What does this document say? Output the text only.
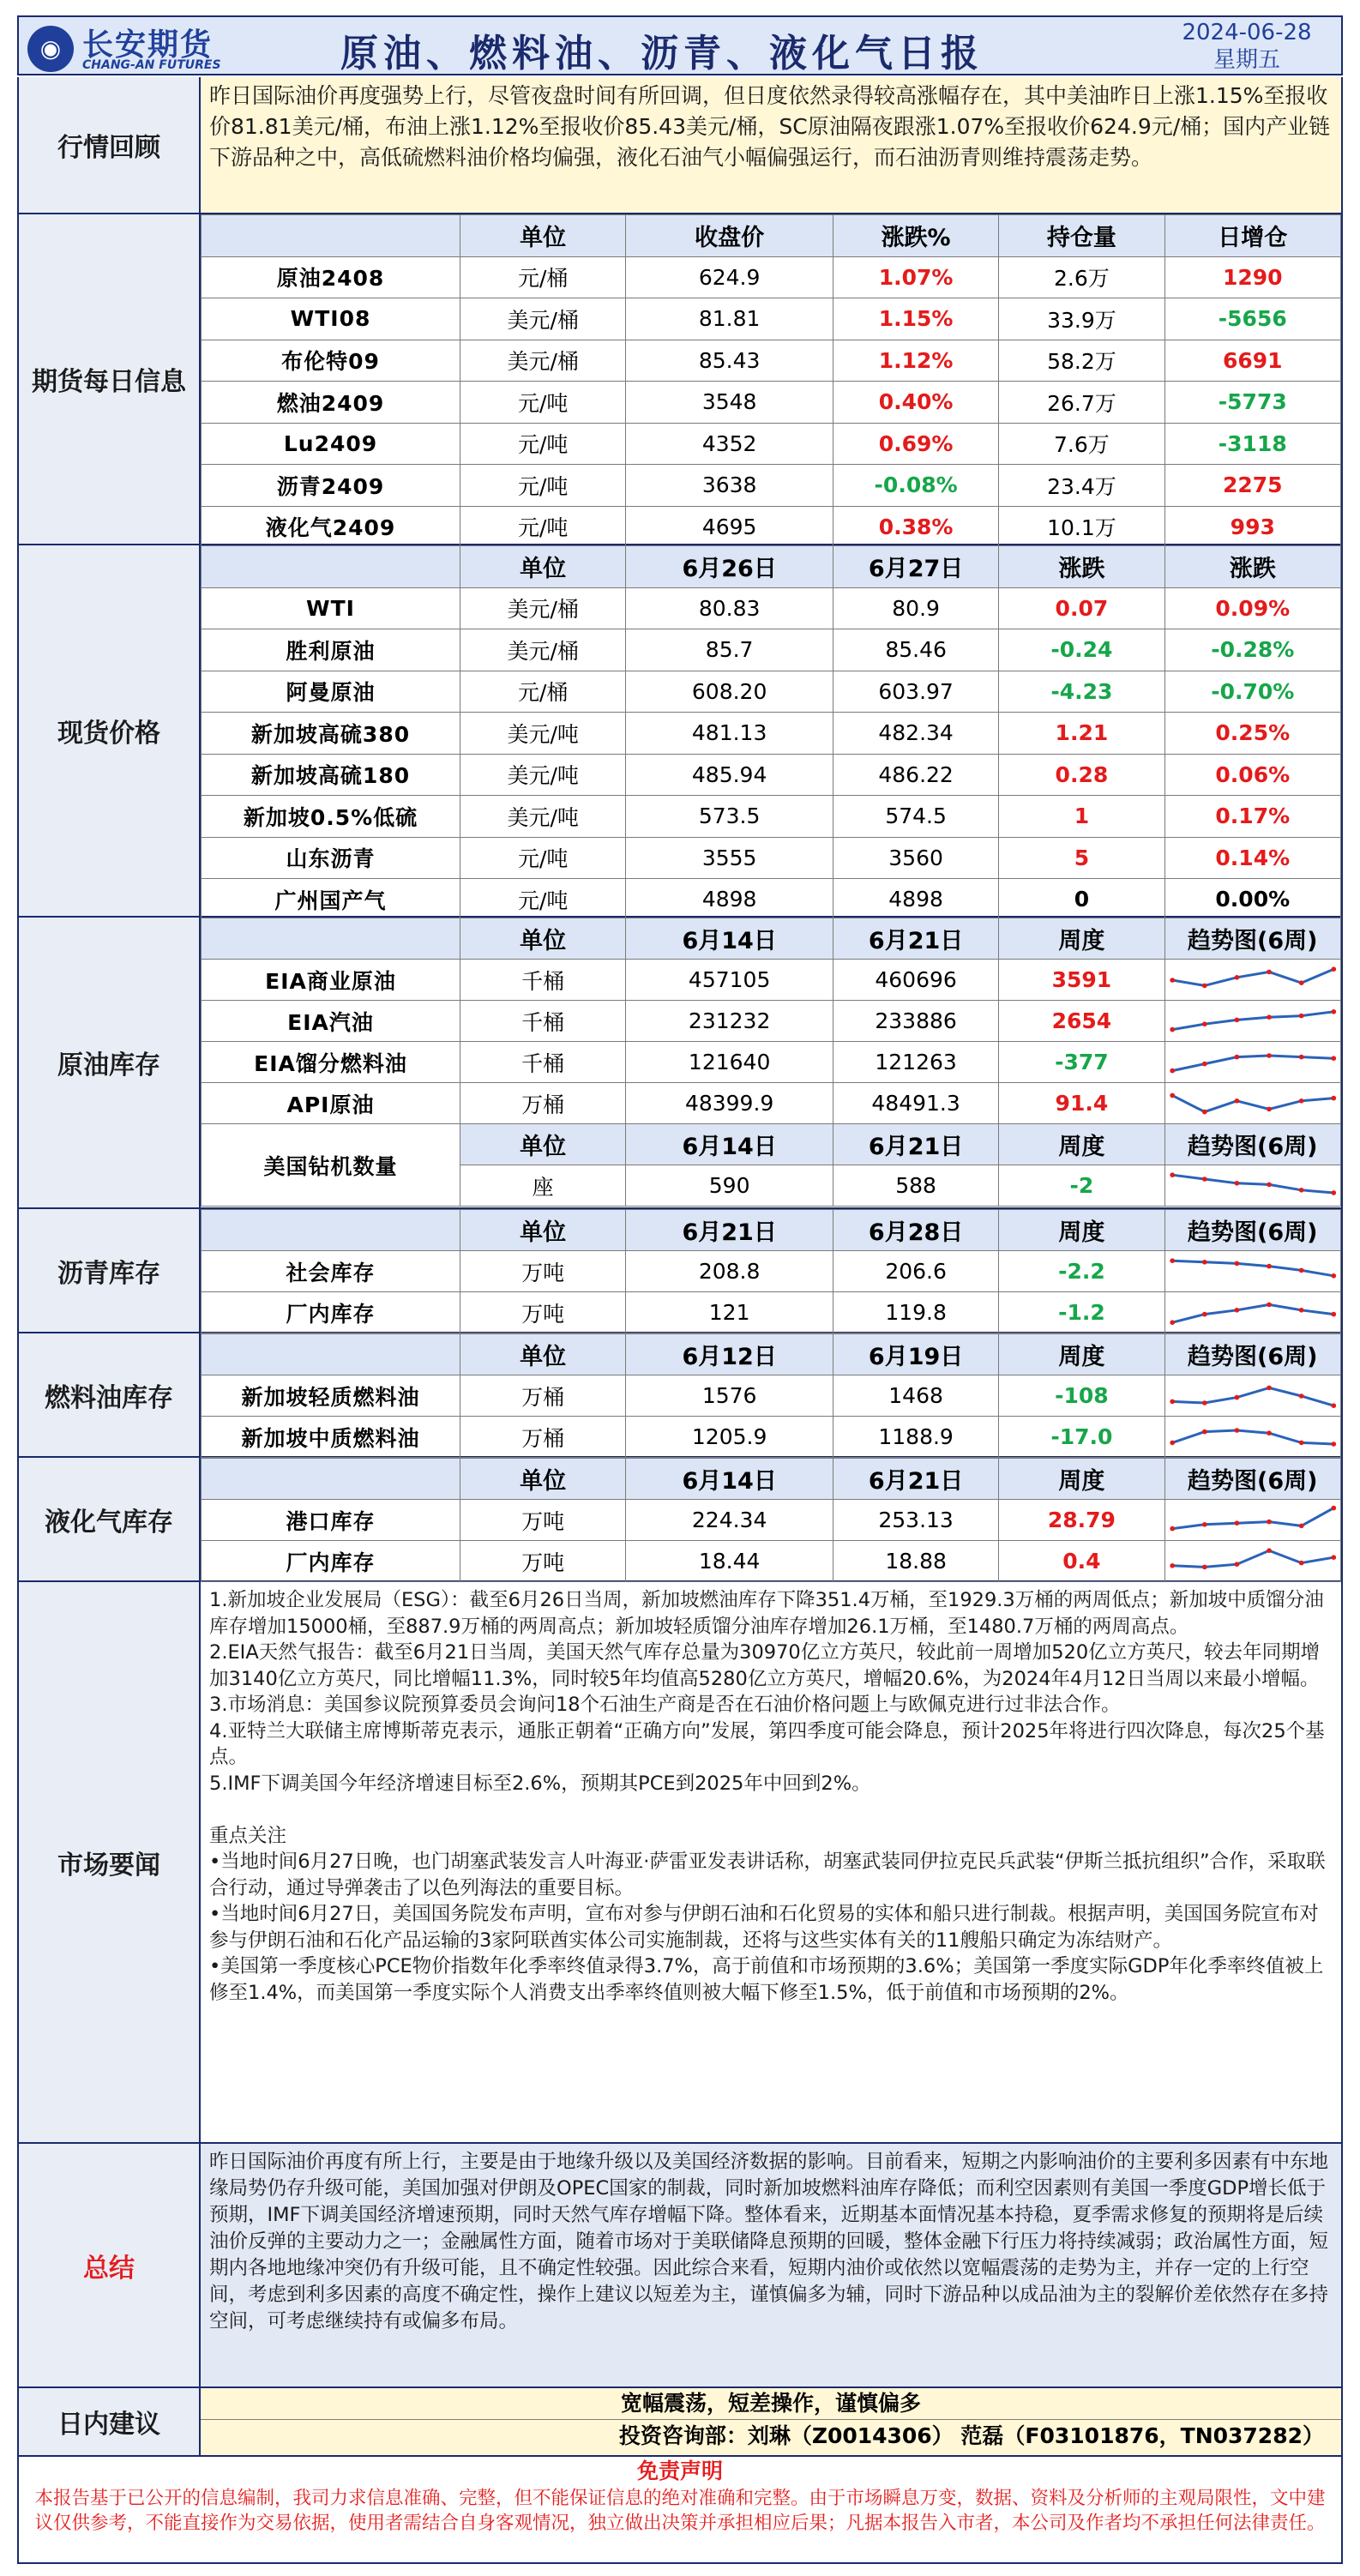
◉ 长安期货
CHANG-AN FUTURES	原油、燃料油、沥青、液化气日报	2024-06-28
星期五
行情回顾
昨日国际油价再度强势上行，尽管夜盘时间有所回调，但日度依然录得较高涨幅存在，其中美油昨日上涨1.15%至报收价81.81美元/桶，布油上涨1.12%至报收价85.43美元/桶，SC原油隔夜跟涨1.07%至报收价624.9元/桶；国内产业链下游品种之中，高低硫燃料油价格均偏强，液化石油气小幅偏强运行，而石油沥青则维持震荡走势。
期货每日信息
	单位	收盘价	涨跌%	持仓量	日增仓
原油2408	元/桶	624.9	1.07%	2.6万	1290
WTI08	美元/桶	81.81	1.15%	33.9万	-5656
布伦特09	美元/桶	85.43	1.12%	58.2万	6691
燃油2409	元/吨	3548	0.40%	26.7万	-5773
Lu2409	元/吨	4352	0.69%	7.6万	-3118
沥青2409	元/吨	3638	-0.08%	23.4万	2275
液化气2409	元/吨	4695	0.38%	10.1万	993
现货价格
	单位	6月26日	6月27日	涨跌	涨跌
WTI	美元/桶	80.83	80.9	0.07	0.09%
胜利原油	美元/桶	85.7	85.46	-0.24	-0.28%
阿曼原油	元/桶	608.20	603.97	-4.23	-0.70%
新加坡高硫380	美元/吨	481.13	482.34	1.21	0.25%
新加坡高硫180	美元/吨	485.94	486.22	0.28	0.06%
新加坡0.5%低硫	美元/吨	573.5	574.5	1	0.17%
山东沥青	元/吨	3555	3560	5	0.14%
广州国产气	元/吨	4898	4898	0	0.00%
原油库存
	单位	6月14日	6月21日	周度	趋势图(6周)
EIA商业原油	千桶	457105	460696	3591	

EIA汽油	千桶	231232	233886	2654	

EIA馏分燃料油	千桶	121640	121263	-377	

API原油	万桶	48399.9	48491.3	91.4	

美国钻机数量	单位	6月14日	6月21日	周度	趋势图(6周)
	座	590	588	-2	
沥青库存
	单位	6月21日	6月28日	周度	趋势图(6周)
社会库存	万吨	208.8	206.6	-2.2	

厂内库存	万吨	121	119.8	-1.2	
燃料油库存
	单位	6月12日	6月19日	周度	趋势图(6周)
新加坡轻质燃料油	万桶	1576	1468	-108	

新加坡中质燃料油	万桶	1205.9	1188.9	-17.0	
液化气库存
	单位	6月14日	6月21日	周度	趋势图(6周)
港口库存	万吨	224.34	253.13	28.79	

厂内库存	万吨	18.44	18.88	0.4	
市场要闻
1.新加坡企业发展局（ESG）：截至6月26日当周，新加坡燃油库存下降351.4万桶，至1929.3万桶的两周低点；新加坡中质馏分油库存增加15000桶，至887.9万桶的两周高点；新加坡轻质馏分油库存增加26.1万桶，至1480.7万桶的两周高点。
2.EIA天然气报告：截至6月21日当周，美国天然气库存总量为30970亿立方英尺，较此前一周增加520亿立方英尺，较去年同期增加3140亿立方英尺，同比增幅11.3%，同时较5年均值高5280亿立方英尺，增幅20.6%，为2024年4月12日当周以来最小增幅。
3.市场消息：美国参议院预算委员会询问18个石油生产商是否在石油价格问题上与欧佩克进行过非法合作。
4.亚特兰大联储主席博斯蒂克表示，通胀正朝着“正确方向”发展，第四季度可能会降息，预计2025年将进行四次降息，每次25个基点。
5.IMF下调美国今年经济增速目标至2.6%，预期其PCE到2025年中回到2%。

重点关注
•当地时间6月27日晚，也门胡塞武装发言人叶海亚·萨雷亚发表讲话称，胡塞武装同伊拉克民兵武装“伊斯兰抵抗组织”合作，采取联合行动，通过导弹袭击了以色列海法的重要目标。
•当地时间6月27日，美国国务院发布声明，宣布对参与伊朗石油和石化贸易的实体和船只进行制裁。根据声明，美国国务院宣布对参与伊朗石油和石化产品运输的3家阿联酋实体公司实施制裁，还将与这些实体有关的11艘船只确定为冻结财产。
•美国第一季度核心PCE物价指数年化季率终值录得3.7%，高于前值和市场预期的3.6%；美国第一季度实际GDP年化季率终值被上修至1.4%，而美国第一季度实际个人消费支出季率终值则被大幅下修至1.5%，低于前值和市场预期的2%。
总结
昨日国际油价再度有所上行，主要是由于地缘升级以及美国经济数据的影响。目前看来，短期之内影响油价的主要利多因素有中东地缘局势仍存升级可能，美国加强对伊朗及OPEC国家的制裁，同时新加坡燃料油库存降低；而利空因素则有美国一季度GDP增长低于预期，IMF下调美国经济增速预期，同时天然气库存增幅下降。整体看来，近期基本面情况基本持稳，夏季需求修复的预期将是后续油价反弹的主要动力之一；金融属性方面，随着市场对于美联储降息预期的回暖，整体金融下行压力将持续减弱；政治属性方面，短期内各地地缘冲突仍有升级可能，且不确定性较强。因此综合来看，短期内油价或依然以宽幅震荡的走势为主，并存一定的上行空间，考虑到利多因素的高度不确定性，操作上建议以短差为主，谨慎偏多为辅，同时下游品种以成品油为主的裂解价差依然存在多持空间，可考虑继续持有或偏多布局。
日内建议
宽幅震荡，短差操作，谨慎偏多
投资咨询部：刘琳（Z0014306） 范磊（F03101876，TN037282）
免责声明
本报告基于已公开的信息编制，我司力求信息准确、完整，但不能保证信息的绝对准确和完整。由于市场瞬息万变，数据、资料及分析师的主观局限性，文中建议仅供参考，不能直接作为交易依据，使用者需结合自身客观情况，独立做出决策并承担相应后果；凡据本报告入市者，本公司及作者均不承担任何法律责任。
